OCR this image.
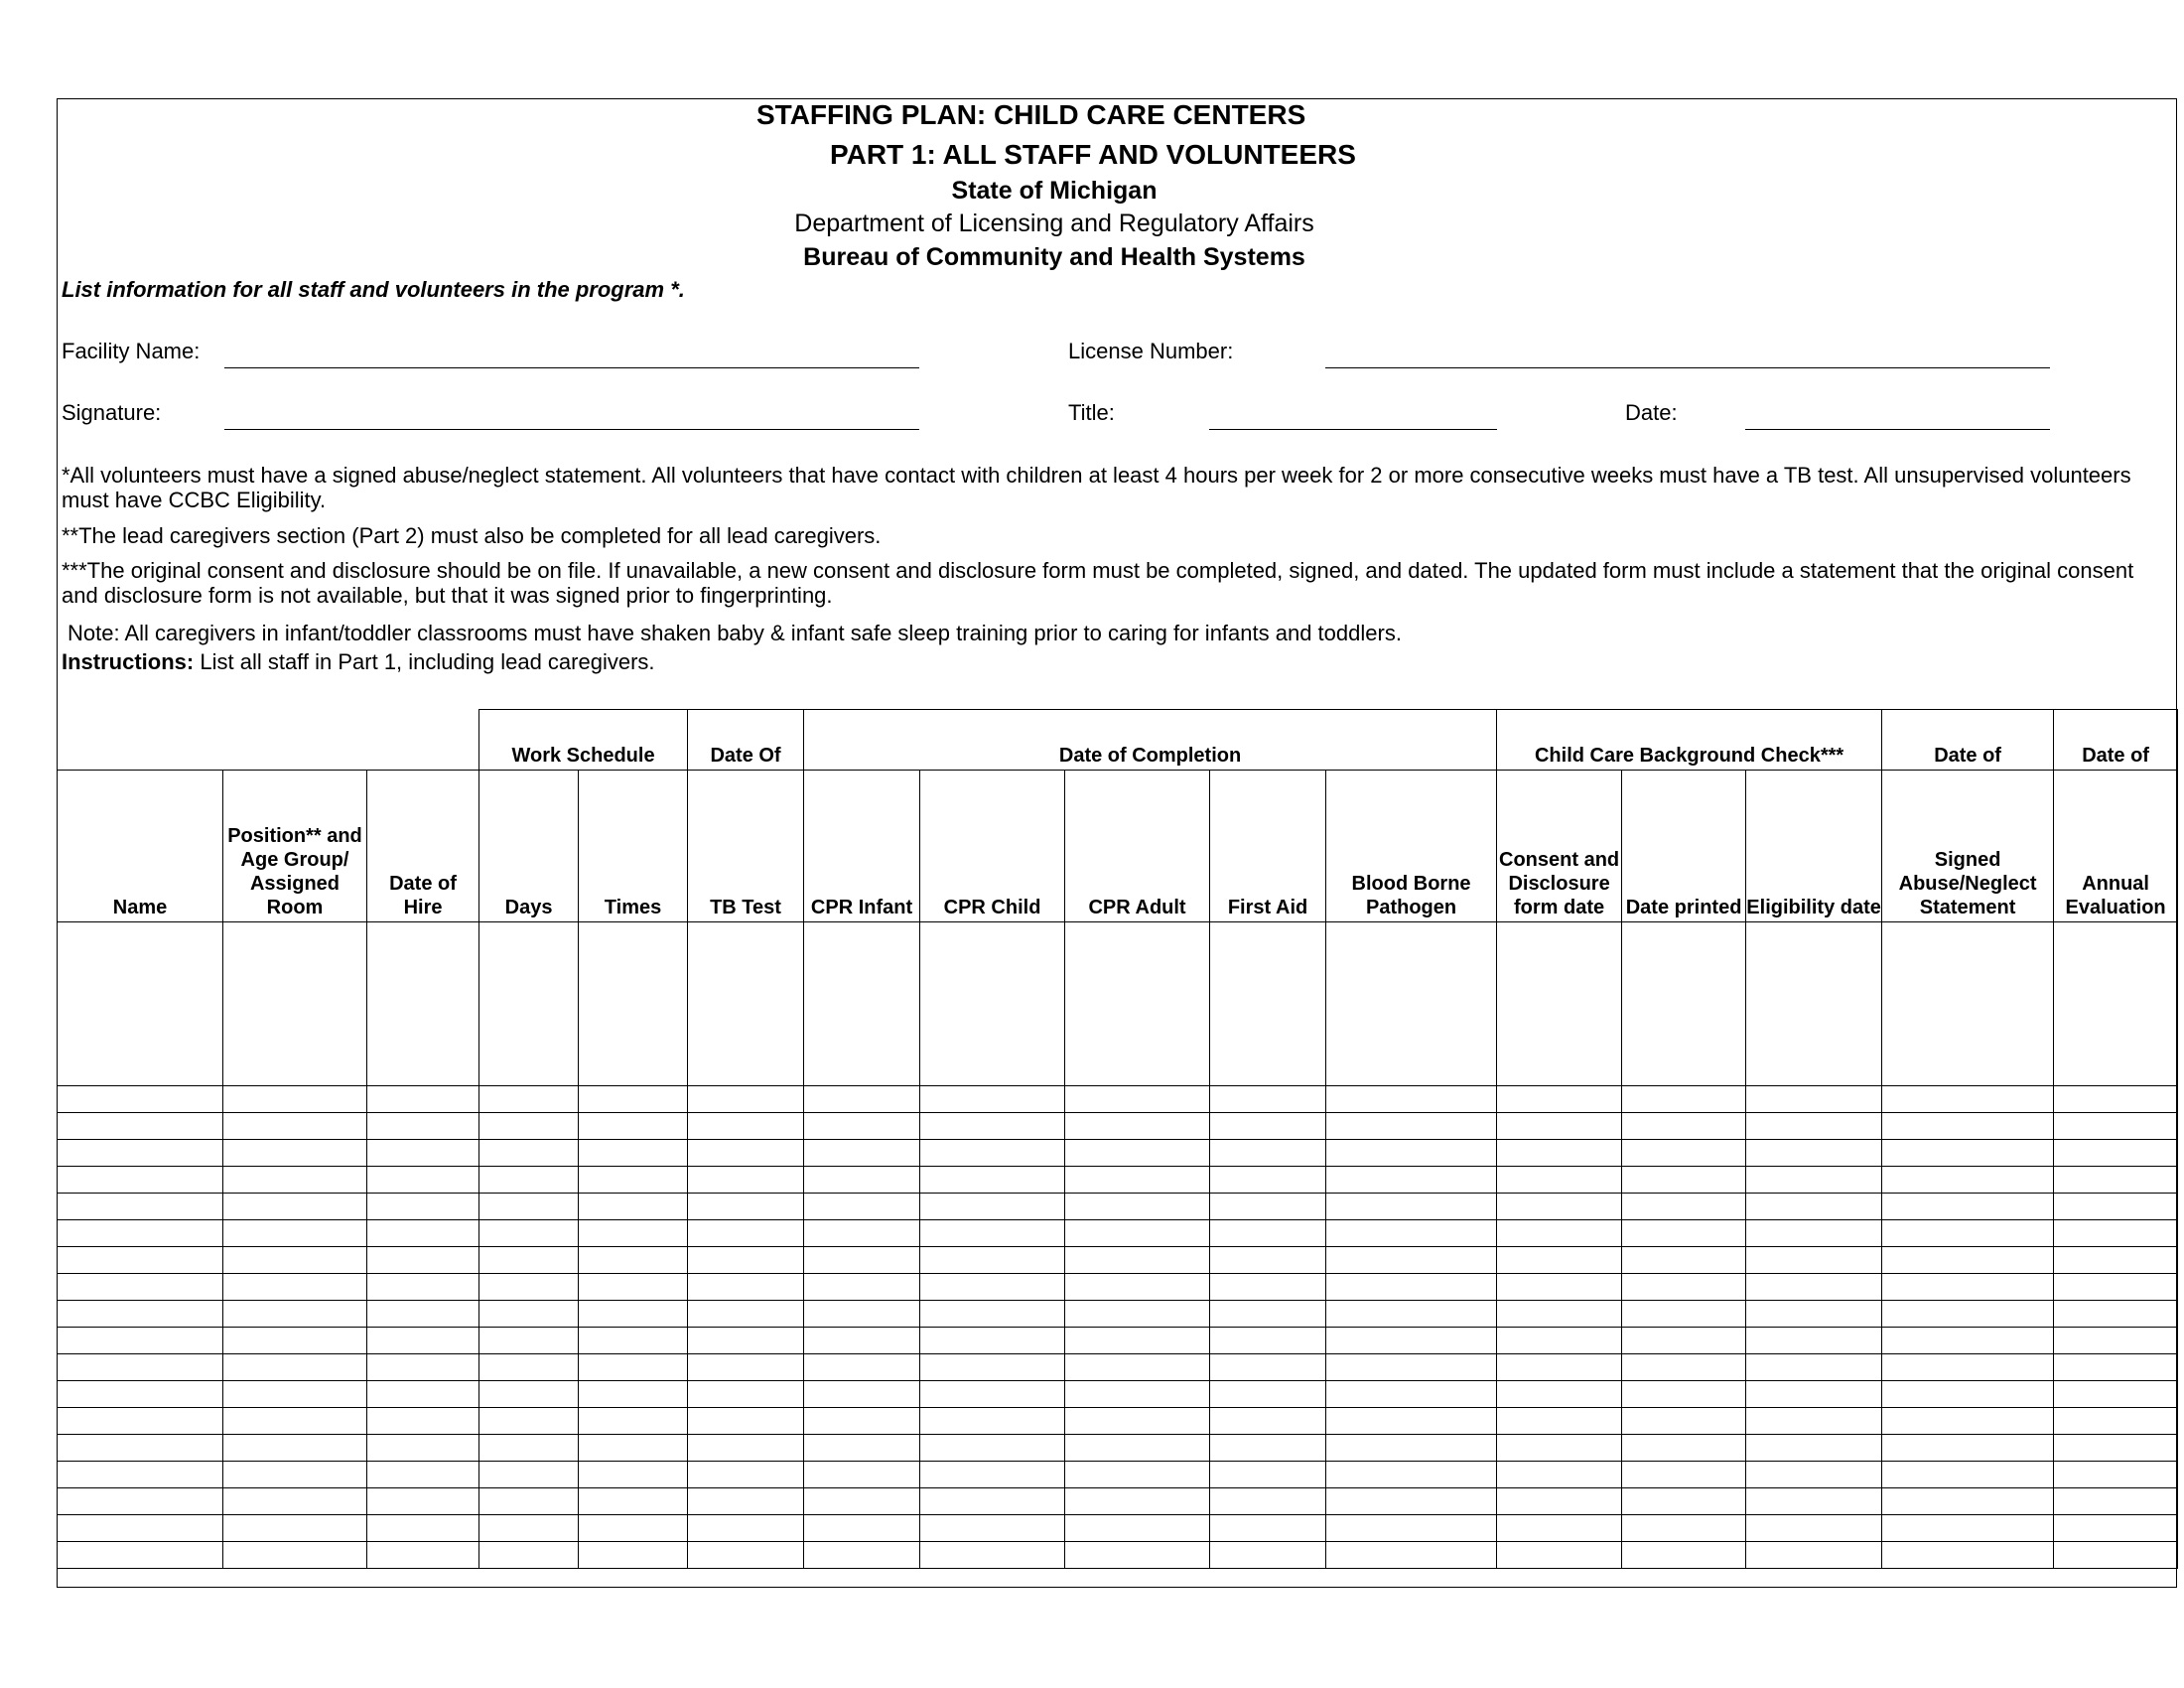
STAFFING PLAN: CHILD CARE CENTERS
PART 1: ALL STAFF AND VOLUNTEERS
State of Michigan
Department of Licensing and Regulatory Affairs
Bureau of Community and Health Systems
List information for all staff and volunteers in the program *.
Facility Name:	License Number:
Signature:	Title:	Date:
*All volunteers must have a signed abuse/neglect statement. All volunteers that have contact with children at least 4 hours per week for 2 or more consecutive weeks must have a TB test. All unsupervised volunteers must have CCBC Eligibility.
**The lead caregivers section (Part 2) must also be completed for all lead caregivers.
***The original consent and disclosure should be on file. If unavailable, a new consent and disclosure form must be completed, signed, and dated. The updated form must include a statement that the original consent and disclosure form is not available, but that it was signed prior to fingerprinting.
Note: All caregivers in infant/toddler classrooms must have shaken baby & infant safe sleep training prior to caring for infants and toddlers.
Instructions: List all staff in Part 1, including lead caregivers.
			Work Schedule		Date Of	Date of Completion					Child Care Background Check***			Date of	Date of
Name	Position** and Age Group/ Assigned Room	Date of Hire	Days	Times	TB Test	CPR Infant	CPR Child	CPR Adult	First Aid	Blood Borne Pathogen	Consent and Disclosure form date	Date printed	Eligibility date	Signed Abuse/Neglect Statement	Annual Evaluation
